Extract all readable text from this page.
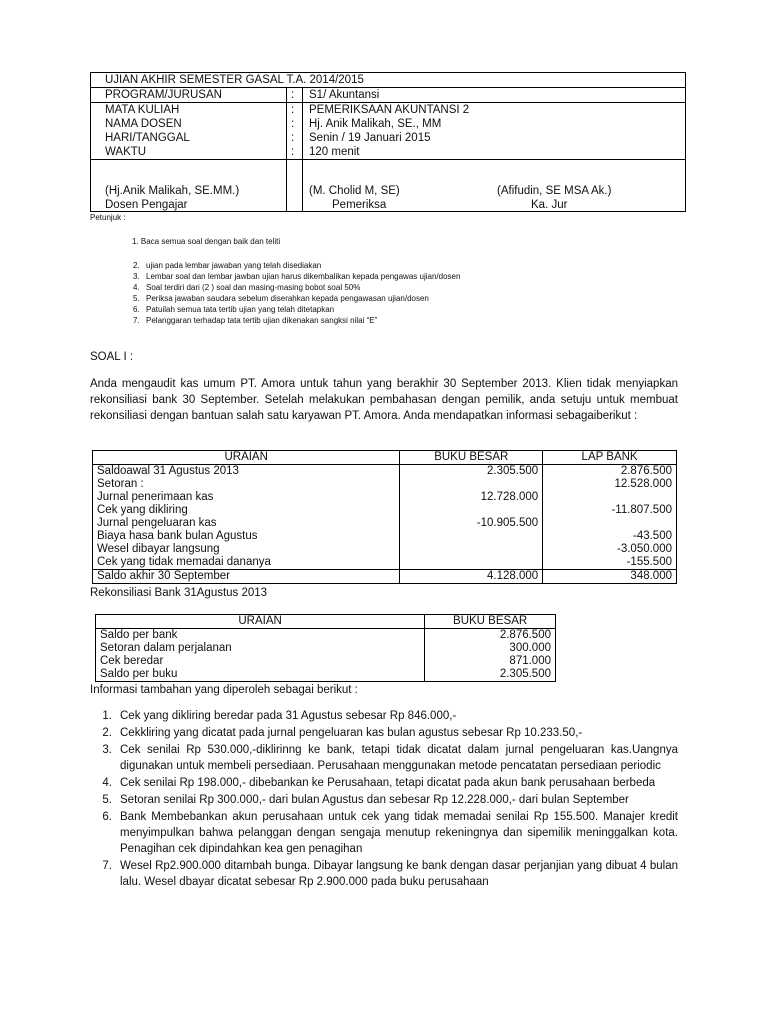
UJIAN AKHIR SEMESTER GASAL T.A. 2014/2015
PROGRAM/JURUSAN	: S1/ Akuntansi
MATA KULIAH	: PEMERIKSAAN AKUNTANSI 2
NAMA DOSEN	: Hj. Anik Malikah, SE., MM
HARI/TANGGAL	: Senin / 19 Januari 2015
WAKTU	: 120 menit
(Hj.Anik Malikah, SE.MM.)
Dosen Pengajar
(M. Cholid M, SE)
Pemeriksa
(Afifudin, SE MSA Ak.)
Ka. Jur
Petunjuk :
1. Baca semua soal dengan baik dan teliti
2. ujian pada lembar jawaban yang telah disediakan
3. Lembar soal dan lembar jawban ujian harus dikembalikan kepada pengawas ujian/dosen
4. Soal terdiri dari (2 ) soal dan masing-masing bobot soal 50%
5. Periksa jawaban saudara sebelum diserahkan kepada pengawasan ujian/dosen
6. Patuilah semua tata tertib ujian yang telah ditetapkan
7. Pelanggaran terhadap tata tertib ujian dikenakan sangksi nilai “E”
SOAL I :
Anda mengaudit kas umum PT. Amora untuk tahun yang berakhir 30 September 2013. Klien tidak menyiapkan rekonsiliasi bank 30 September. Setelah melakukan pembahasan dengan pemilik, anda setuju untuk membuat rekonsiliasi dengan bantuan salah satu karyawan PT. Amora. Anda mendapatkan informasi sebagaiberikut :
URAIAN	BUKU BESAR	LAP BANK
Saldoawal 31 Agustus 2013	2.305.500	2.876.500
Setoran :		12.528.000
Jurnal penerimaan kas	12.728.000	
Cek yang dikliring		-11.807.500
Jurnal pengeluaran kas	-10.905.500	
Biaya hasa bank bulan Agustus		-43.500
Wesel dibayar langsung		-3.050.000
Cek yang tidak memadai dananya		-155.500
Saldo akhir 30 September	4.128.000	348.000
Rekonsiliasi Bank 31Agustus 2013
URAIAN	BUKU BESAR
Saldo per bank	2.876.500
Setoran dalam perjalanan	300.000
Cek beredar	871.000
Saldo per buku	2.305.500
Informasi tambahan yang diperoleh sebagai berikut :
1. Cek yang dikliring beredar pada 31 Agustus sebesar Rp 846.000,-
2. Cekkliring yang dicatat pada jurnal pengeluaran kas bulan agustus sebesar Rp 10.233.50,-
3. Cek senilai Rp 530.000,-diklirinng ke bank, tetapi tidak dicatat dalam jurnal pengeluaran kas.Uangnya digunakan untuk membeli persediaan. Perusahaan menggunakan metode pencatatan persediaan periodic
4. Cek senilai Rp 198.000,- dibebankan ke Perusahaan, tetapi dicatat pada akun bank perusahaan berbeda
5. Setoran senilai Rp 300.000,- dari bulan Agustus dan sebesar Rp 12.228.000,- dari bulan September
6. Bank Membebankan akun perusahaan untuk cek yang tidak memadai senilai Rp 155.500. Manajer kredit menyimpulkan bahwa pelanggan dengan sengaja menutup rekeningnya dan sipemilik meninggalkan kota. Penagihan cek dipindahkan kea gen penagihan
7. Wesel Rp2.900.000 ditambah bunga. Dibayar langsung ke bank dengan dasar perjanjian yang dibuat 4 bulan lalu. Wesel dbayar dicatat sebesar Rp 2.900.000 pada buku perusahaan
